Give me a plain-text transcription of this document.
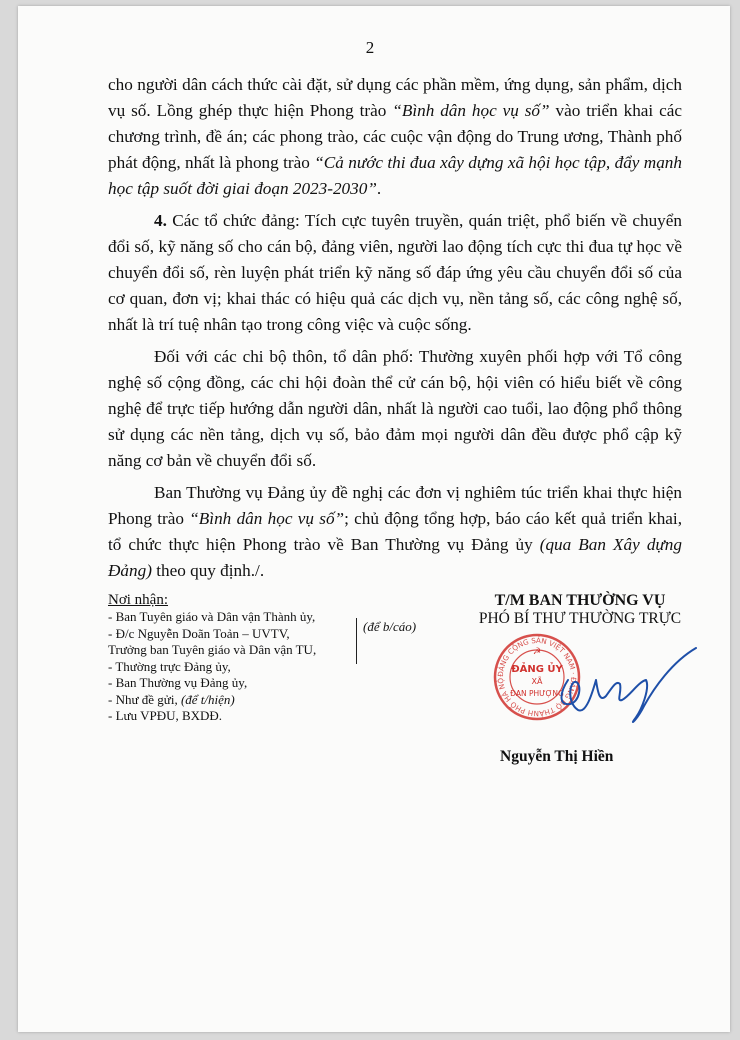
2

cho người dân cách thức cài đặt, sử dụng các phần mềm, ứng dụng, sản phẩm, dịch vụ số. Lồng ghép thực hiện Phong trào “Bình dân học vụ số” vào triển khai các chương trình, đề án; các phong trào, các cuộc vận động do Trung ương, Thành phố phát động, nhất là phong trào “Cả nước thi đua xây dựng xã hội học tập, đẩy mạnh học tập suốt đời giai đoạn 2023-2030”.

4. Các tổ chức đảng: Tích cực tuyên truyền, quán triệt, phổ biến về chuyển đổi số, kỹ năng số cho cán bộ, đảng viên, người lao động tích cực thi đua tự học về chuyển đổi số, rèn luyện phát triển kỹ năng số đáp ứng yêu cầu chuyển đổi số của cơ quan, đơn vị; khai thác có hiệu quả các dịch vụ, nền tảng số, các công nghệ số, nhất là trí tuệ nhân tạo trong công việc và cuộc sống.

Đối với các chi bộ thôn, tổ dân phố: Thường xuyên phối hợp với Tổ công nghệ số cộng đồng, các chi hội đoàn thể cử cán bộ, hội viên có hiểu biết về công nghệ để trực tiếp hướng dẫn người dân, nhất là người cao tuổi, lao động phổ thông sử dụng các nền tảng, dịch vụ số, bảo đảm mọi người dân đều được phổ cập kỹ năng cơ bản về chuyển đổi số.

Ban Thường vụ Đảng ủy đề nghị các đơn vị nghiêm túc triển khai thực hiện Phong trào “Bình dân học vụ số”; chủ động tổng hợp, báo cáo kết quả triển khai, tổ chức thực hiện Phong trào về Ban Thường vụ Đảng ủy (qua Ban Xây dựng Đảng) theo quy định./.

Nơi nhận:
- Ban Tuyên giáo và Dân vận Thành ủy,
- Đ/c Nguyễn Doãn Toản – UVTV,
Trưởng ban Tuyên giáo và Dân vận TU,
- Thường trực Đảng ủy,
- Ban Thường vụ Đảng ủy,
- Như đề gửi, (để t/hiện)
- Lưu VPĐU, BXDĐ.
(để b/cáo)
T/M BAN THƯỜNG VỤ
PHÓ BÍ THƯ THƯỜNG TRỰC
ĐẢNG CỘNG SẢN VIỆT NAM · ĐẢNG BỘ THÀNH PHỐ HÀ NỘ
☭
ĐẢNG ỦY
XÃ
ĐAN PHƯỢNG
Nguyễn Thị Hiền
